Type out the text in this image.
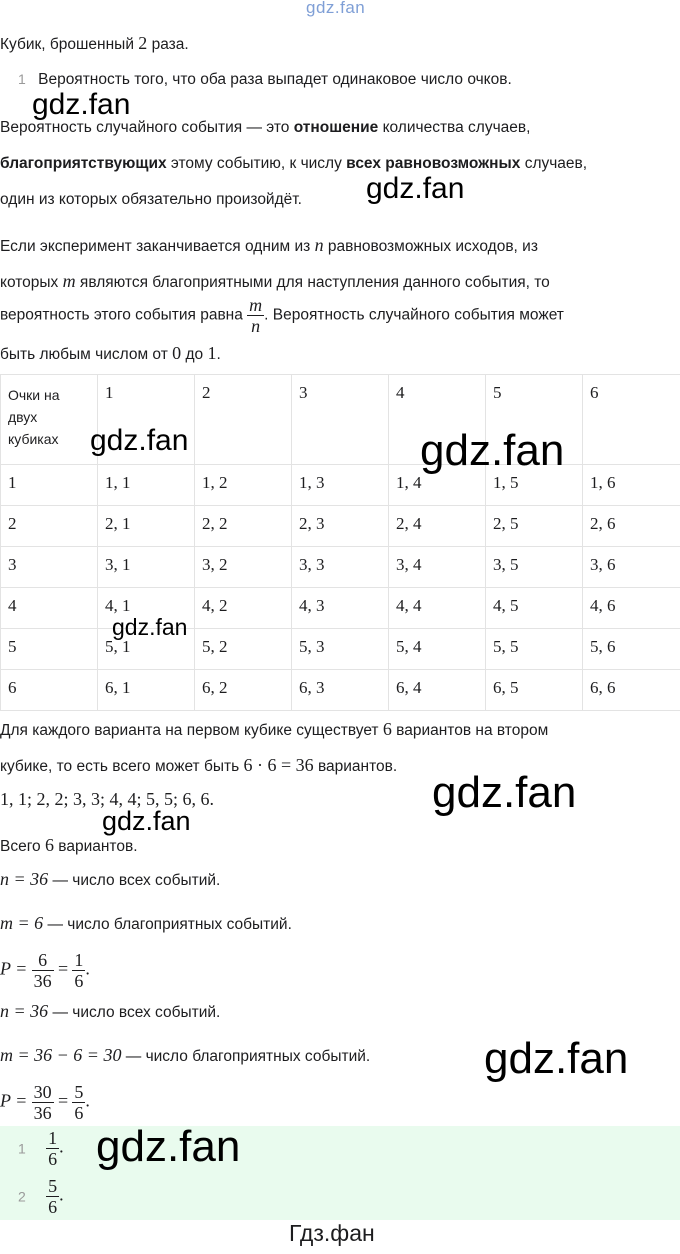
gdz.fan
Кубик, брошенный 2 раза.
1 Вероятность того, что оба раза выпадет одинаковое число очков.
gdz.fan
Вероятность случайного события — это отношение количества случаев,
благоприятствующих этому событию, к числу всех равновозможных случаев,
один из которых обязательно произойдёт. gdz.fan
Если эксперимент заканчивается одним из n равновозможных исходов, из
которых m являются благоприятными для наступления данного события, то
вероятность этого события равна $\frac{m}{n}$ . Вероятность случайного события может
быть любым числом от 0 до 1.
Очки на двух кубиках	1	2	3	4	5	6
1	1, 1	1, 2	1, 3	1, 4	1, 5	1, 6
2	2, 1	2, 2	2, 3	2, 4	2, 5	2, 6
3	3, 1	3, 2	3, 3	3, 4	3, 5	3, 6
4	4, 1	4, 2	4, 3	4, 4	4, 5	4, 6
5	5, 1	5, 2	5, 3	5, 4	5, 5	5, 6
6	6, 1	6, 2	6, 3	6, 4	6, 5	6, 6
gdz.fan	gdz.fan
gdz.fan
Для каждого варианта на первом кубике существует 6 вариантов на втором
кубике, то есть всего может быть 6 · 6 = 36 вариантов.
1, 1; 2, 2; 3, 3; 4, 4; 5, 5; 6, 6.	gdz.fan
gdz.fan
Всего 6 вариантов.
n = 36 — число всех событий.
m = 6 — число благоприятных событий.
$P = \frac{6}{36} = \frac{1}{6}$ .
n = 36 — число всех событий.
m = 36 − 6 = 30 — число благоприятных событий.	gdz.fan
$P = \frac{30}{36} = \frac{5}{6}$ .
$1 \frac{1}{6}$ .
$2 \frac{5}{6}$ .
gdz.fan
Гдз.фан
